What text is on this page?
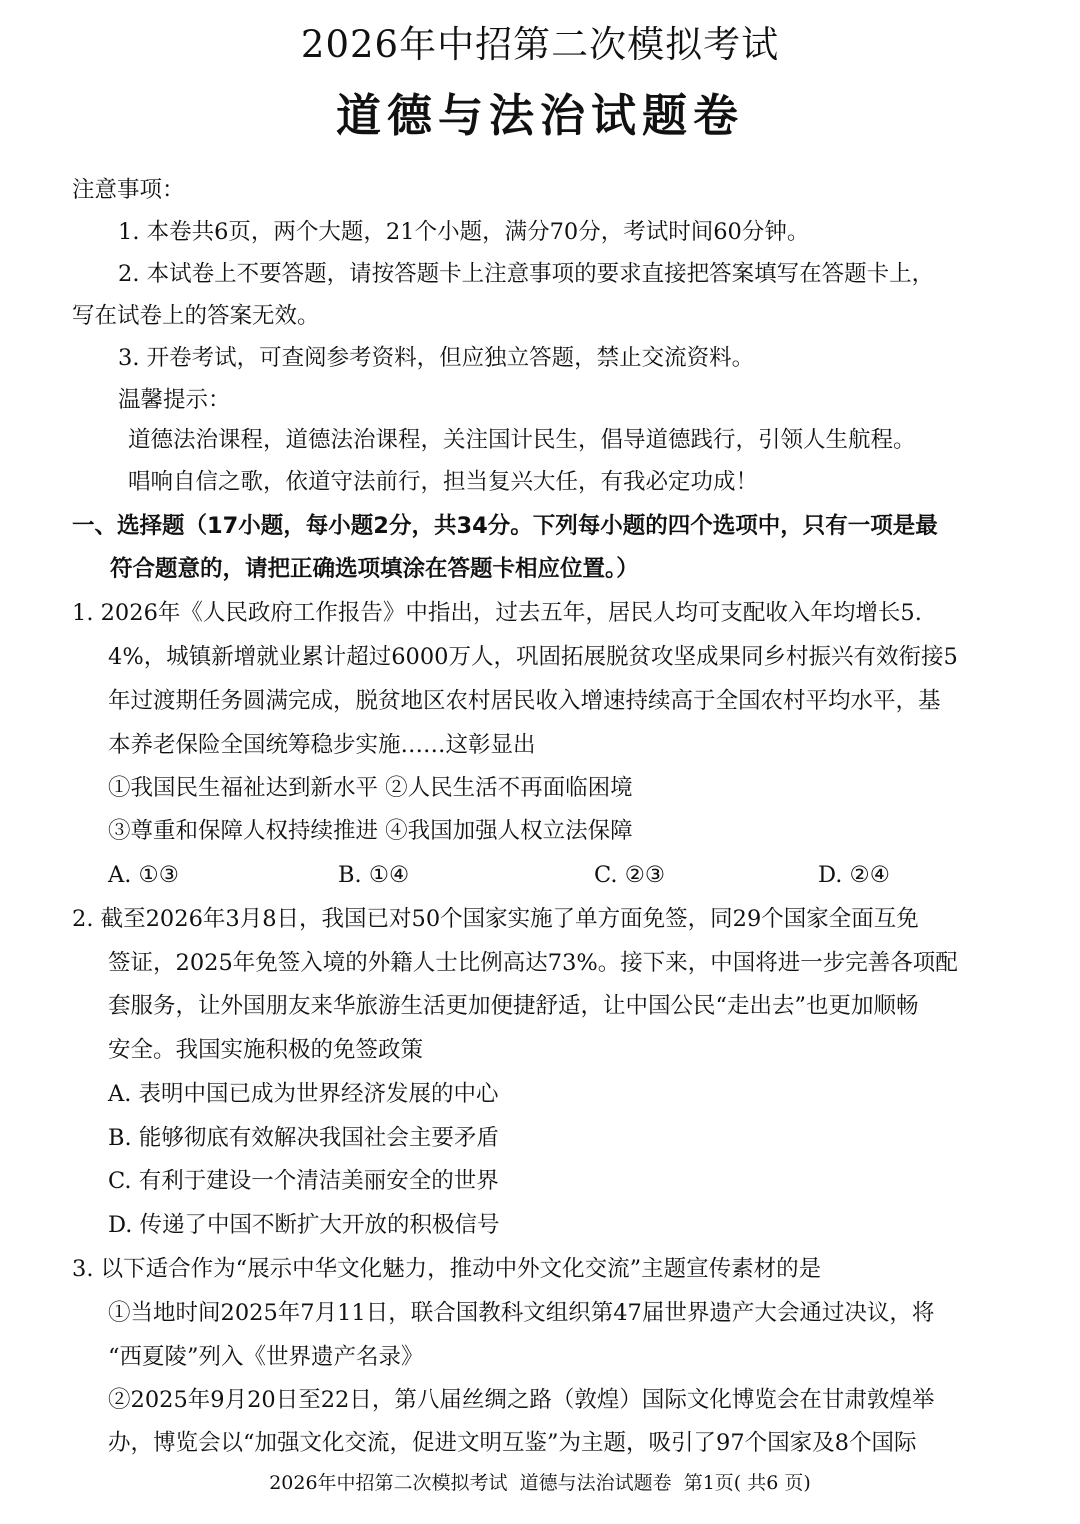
2026年中招第二次模拟考试
道德与法治试题卷
注意事项：
1. 本卷共6页，两个大题，21个小题，满分70分，考试时间60分钟。
2. 本试卷上不要答题，请按答题卡上注意事项的要求直接把答案填写在答题卡上，
写在试卷上的答案无效。
3. 开卷考试，可查阅参考资料，但应独立答题，禁止交流资料。
温馨提示：
道德法治课程，道德法治课程，关注国计民生，倡导道德践行，引领人生航程。
唱响自信之歌，依道守法前行，担当复兴大任，有我必定功成！
一、选择题（17小题，每小题2分，共34分。下列每小题的四个选项中，只有一项是最
符合题意的，请把正确选项填涂在答题卡相应位置。）
1. 2026年《人民政府工作报告》中指出，过去五年，居民人均可支配收入年均增长5.
4%，城镇新增就业累计超过6000万人，巩固拓展脱贫攻坚成果同乡村振兴有效衔接5
年过渡期任务圆满完成，脱贫地区农村居民收入增速持续高于全国农村平均水平，基
本养老保险全国统筹稳步实施……这彰显出
①我国民生福祉达到新水平 ②人民生活不再面临困境
③尊重和保障人权持续推进 ④我国加强人权立法保障
A. ①③	B. ①④	C. ②③	D. ②④
2. 截至2026年3月8日，我国已对50个国家实施了单方面免签，同29个国家全面互免
签证，2025年免签入境的外籍人士比例高达73%。接下来，中国将进一步完善各项配
套服务，让外国朋友来华旅游生活更加便捷舒适，让中国公民“走出去”也更加顺畅
安全。我国实施积极的免签政策
A. 表明中国已成为世界经济发展的中心
B. 能够彻底有效解决我国社会主要矛盾
C. 有利于建设一个清洁美丽安全的世界
D. 传递了中国不断扩大开放的积极信号
3. 以下适合作为“展示中华文化魅力，推动中外文化交流”主题宣传素材的是
①当地时间2025年7月11日，联合国教科文组织第47届世界遗产大会通过决议，将
“西夏陵”列入《世界遗产名录》
②2025年9月20日至22日，第八届丝绸之路（敦煌）国际文化博览会在甘肃敦煌举
办，博览会以“加强文化交流，促进文明互鉴”为主题，吸引了97个国家及8个国际
2026年中招第二次模拟考试  道德与法治试题卷  第1页( 共6 页)
